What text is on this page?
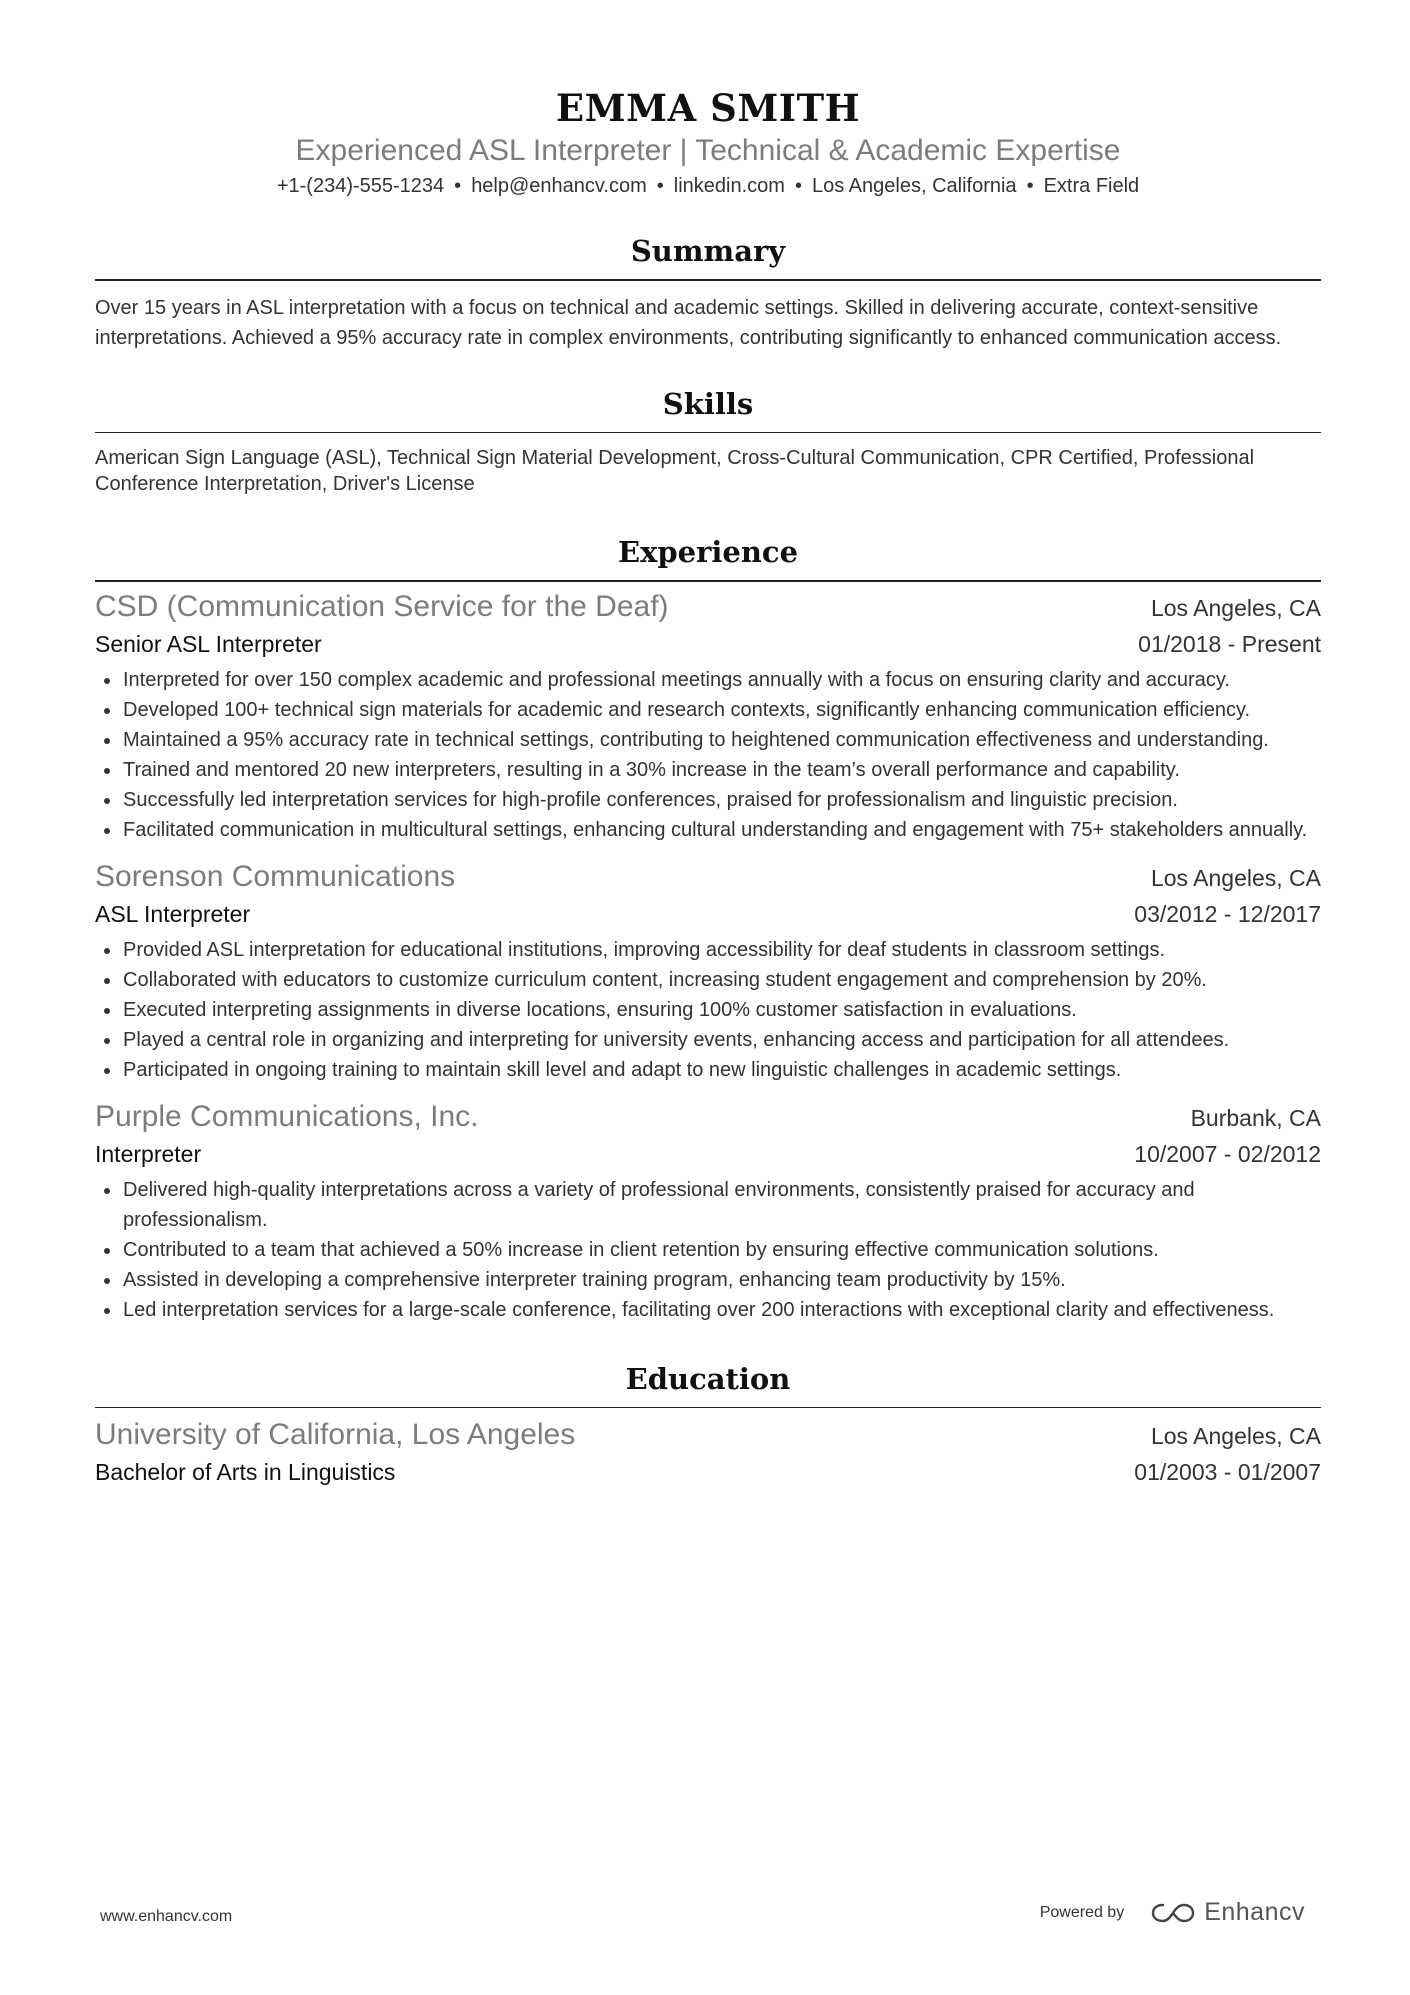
EMMA SMITH
Experienced ASL Interpreter | Technical & Academic Expertise
+1-(234)-555-1234 • help@enhancv.com • linkedin.com • Los Angeles, California • Extra Field
Summary
Over 15 years in ASL interpretation with a focus on technical and academic settings. Skilled in delivering accurate, context-sensitive interpretations. Achieved a 95% accuracy rate in complex environments, contributing significantly to enhanced communication access.
Skills
American Sign Language (ASL), Technical Sign Material Development, Cross-Cultural Communication, CPR Certified, Professional Conference Interpretation, Driver's License
Experience
CSD (Communication Service for the Deaf)	Los Angeles, CA
Senior ASL Interpreter	01/2018 - Present
Interpreted for over 150 complex academic and professional meetings annually with a focus on ensuring clarity and accuracy.
Developed 100+ technical sign materials for academic and research contexts, significantly enhancing communication efficiency.
Maintained a 95% accuracy rate in technical settings, contributing to heightened communication effectiveness and understanding.
Trained and mentored 20 new interpreters, resulting in a 30% increase in the team’s overall performance and capability.
Successfully led interpretation services for high-profile conferences, praised for professionalism and linguistic precision.
Facilitated communication in multicultural settings, enhancing cultural understanding and engagement with 75+ stakeholders annually.
Sorenson Communications	Los Angeles, CA
ASL Interpreter	03/2012 - 12/2017
Provided ASL interpretation for educational institutions, improving accessibility for deaf students in classroom settings.
Collaborated with educators to customize curriculum content, increasing student engagement and comprehension by 20%.
Executed interpreting assignments in diverse locations, ensuring 100% customer satisfaction in evaluations.
Played a central role in organizing and interpreting for university events, enhancing access and participation for all attendees.
Participated in ongoing training to maintain skill level and adapt to new linguistic challenges in academic settings.
Purple Communications, Inc.	Burbank, CA
Interpreter	10/2007 - 02/2012
Delivered high-quality interpretations across a variety of professional environments, consistently praised for accuracy and professionalism.
Contributed to a team that achieved a 50% increase in client retention by ensuring effective communication solutions.
Assisted in developing a comprehensive interpreter training program, enhancing team productivity by 15%.
Led interpretation services for a large-scale conference, facilitating over 200 interactions with exceptional clarity and effectiveness.
Education
University of California, Los Angeles	Los Angeles, CA
Bachelor of Arts in Linguistics	01/2003 - 01/2007
www.enhancv.com	Powered by	Enhancv
